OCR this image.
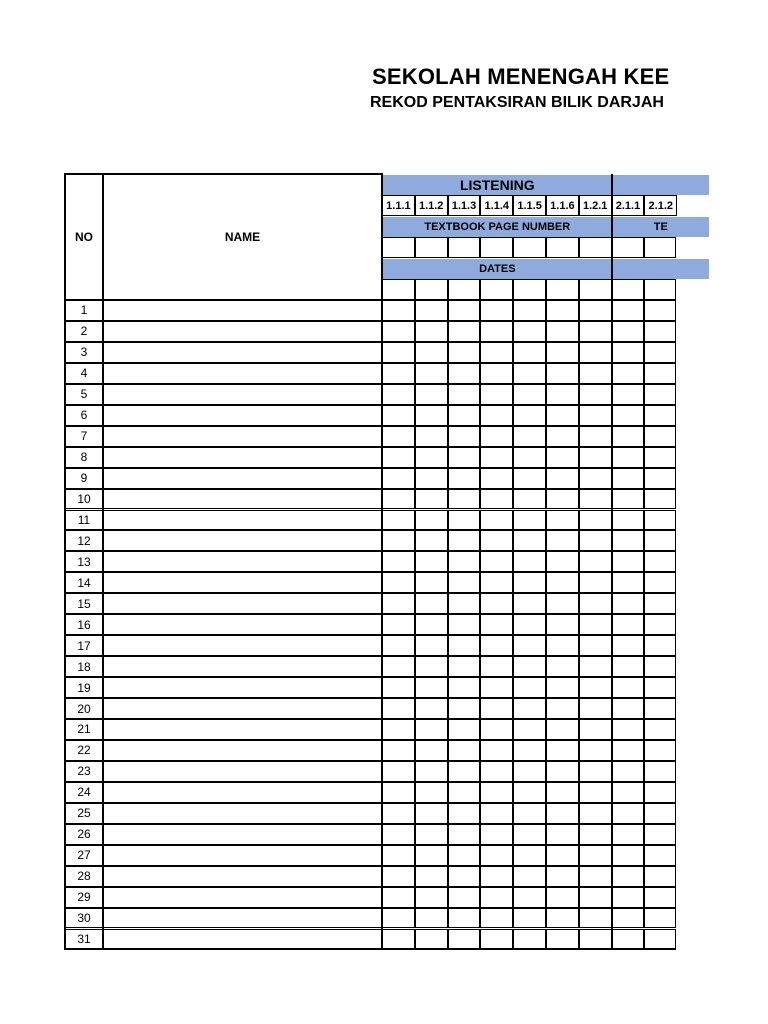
SEKOLAH MENENGAH KEE
REKOD PENTAKSIRAN BILIK DARJAH
LISTENING
1.1.1 1.1.2 1.1.3 1.1.4 1.1.5 1.1.6 1.2.1 2.1.1 2.1.2
TEXTBOOK PAGE NUMBER	TE
DATES
NO	NAME
1
2
3
4
5
6
7
8
9
10
11
12
13
14
15
16
17
18
19
20
21
22
23
24
25
26
27
28
29
30
31
